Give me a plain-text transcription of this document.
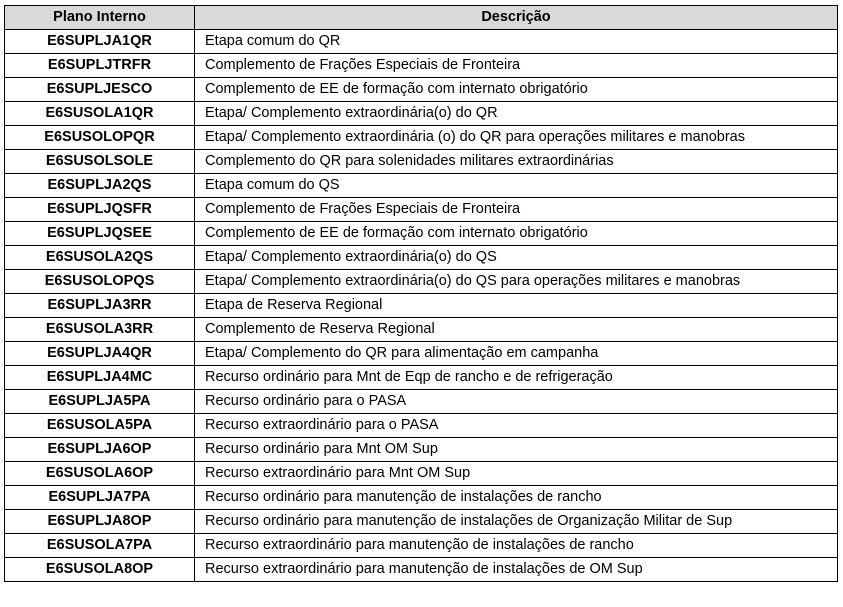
Plano Interno	Descrição
E6SUPLJA1QR	Etapa comum do QR
E6SUPLJTRFR	Complemento de Frações Especiais de Fronteira
E6SUPLJESCO	Complemento de EE de formação com internato obrigatório
E6SUSOLA1QR	Etapa/ Complemento extraordinária(o) do QR
E6SUSOLOPQR	Etapa/ Complemento extraordinária (o) do QR para operações militares e manobras
E6SUSOLSOLE	Complemento do QR para solenidades militares extraordinárias
E6SUPLJA2QS	Etapa comum do QS
E6SUPLJQSFR	Complemento de Frações Especiais de Fronteira
E6SUPLJQSEE	Complemento de EE de formação com internato obrigatório
E6SUSOLA2QS	Etapa/ Complemento extraordinária(o) do QS
E6SUSOLOPQS	Etapa/ Complemento extraordinária(o) do QS para operações militares e manobras
E6SUPLJA3RR	Etapa de Reserva Regional
E6SUSOLA3RR	Complemento de Reserva Regional
E6SUPLJA4QR	Etapa/ Complemento do QR para alimentação em campanha
E6SUPLJA4MC	Recurso ordinário para Mnt de Eqp de rancho e de refrigeração
E6SUPLJA5PA	Recurso ordinário para o PASA
E6SUSOLA5PA	Recurso extraordinário para o PASA
E6SUPLJA6OP	Recurso ordinário para Mnt OM Sup
E6SUSOLA6OP	Recurso extraordinário para Mnt OM Sup
E6SUPLJA7PA	Recurso ordinário para manutenção de instalações de rancho
E6SUPLJA8OP	Recurso ordinário para manutenção de instalações de Organização Militar de Sup
E6SUSOLA7PA	Recurso extraordinário para manutenção de instalações de rancho
E6SUSOLA8OP	Recurso extraordinário para manutenção de instalações de OM Sup
